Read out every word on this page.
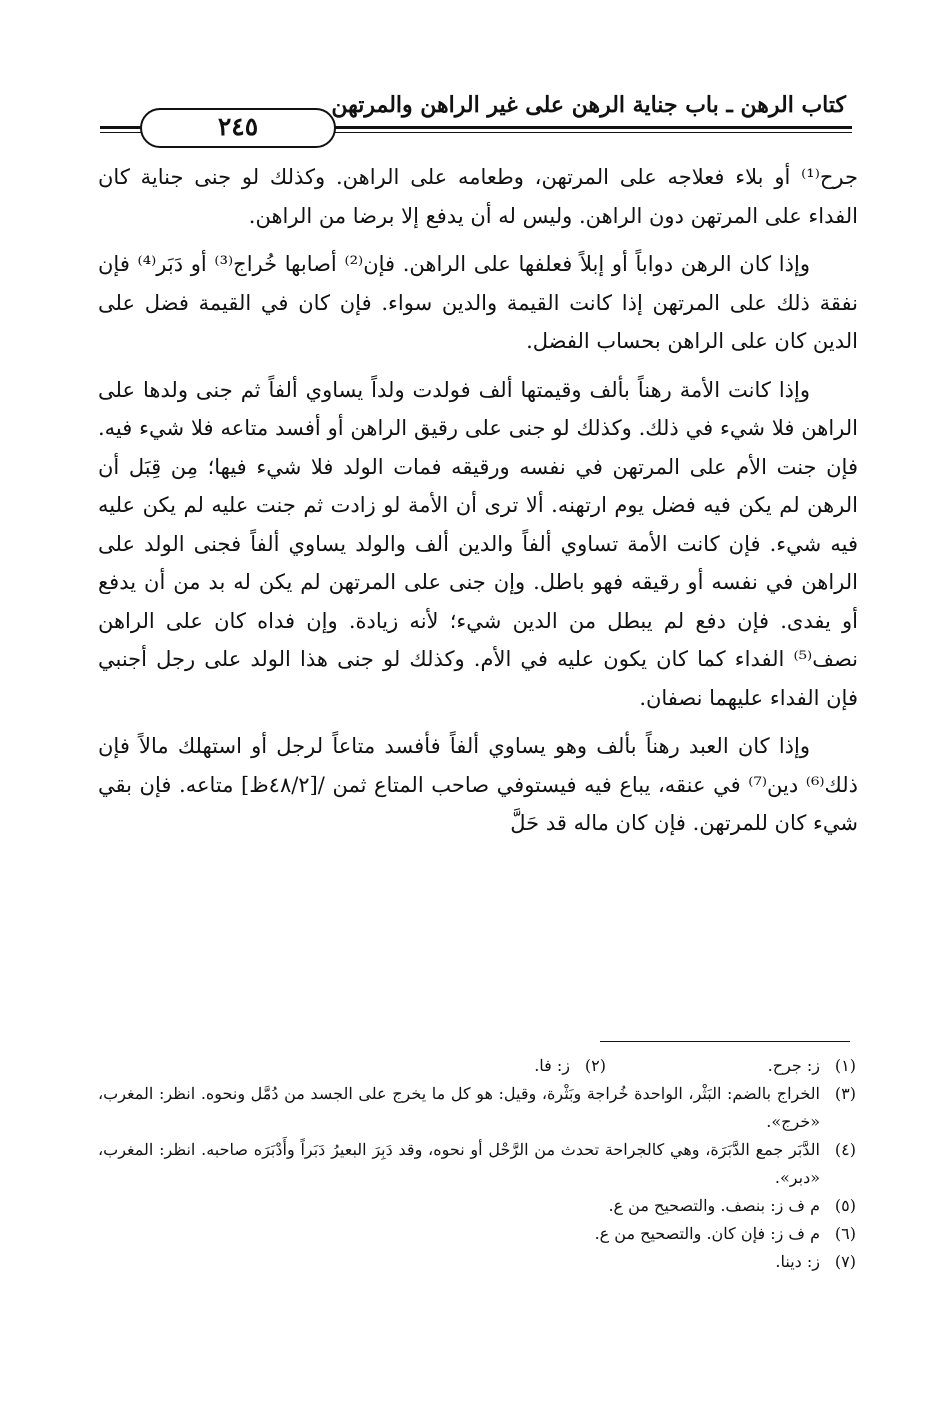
كتاب الرهن ـ باب جناية الرهن على غير الراهن والمرتهن
٢٤٥

جرح⁽¹⁾ أو بلاء فعلاجه على المرتهن، وطعامه على الراهن. وكذلك لو جنى جناية كان الفداء على المرتهن دون الراهن. وليس له أن يدفع إلا برضا من الراهن.

وإذا كان الرهن دواباً أو إبلاً فعلفها على الراهن. فإن⁽²⁾ أصابها خُراج⁽³⁾ أو دَبَر⁽⁴⁾ فإن نفقة ذلك على المرتهن إذا كانت القيمة والدين سواء. فإن كان في القيمة فضل على الدين كان على الراهن بحساب الفضل.

وإذا كانت الأمة رهناً بألف وقيمتها ألف فولدت ولداً يساوي ألفاً ثم جنى ولدها على الراهن فلا شيء في ذلك. وكذلك لو جنى على رقيق الراهن أو أفسد متاعه فلا شيء فيه. فإن جنت الأم على المرتهن في نفسه ورقيقه فمات الولد فلا شيء فيها؛ مِن قِبَل أن الرهن لم يكن فيه فضل يوم ارتهنه. ألا ترى أن الأمة لو زادت ثم جنت عليه لم يكن عليه فيه شيء. فإن كانت الأمة تساوي ألفاً والدين ألف والولد يساوي ألفاً فجنى الولد على الراهن في نفسه أو رقيقه فهو باطل. وإن جنى على المرتهن لم يكن له بد من أن يدفع أو يفدى. فإن دفع لم يبطل من الدين شيء؛ لأنه زيادة. وإن فداه كان على الراهن نصف⁽⁵⁾ الفداء كما كان يكون عليه في الأم. وكذلك لو جنى هذا الولد على رجل أجنبي فإن الفداء عليهما نصفان.

وإذا كان العبد رهناً بألف وهو يساوي ألفاً فأفسد متاعاً لرجل أو استهلك مالاً فإن ذلك⁽⁶⁾ دين⁽⁷⁾ في عنقه، يباع فيه فيستوفي صاحب المتاع ثمن /[٤٨/٢ظ] متاعه. فإن بقي شيء كان للمرتهن. فإن كان ماله قد حَلَّ

(١)
ز: جرح.
(٢)
ز: فا.
(٣)
الخراج بالضم: البَثْر، الواحدة خُراجة وبَثْرة، وقيل: هو كل ما يخرج على الجسد من دُمَّل ونحوه. انظر: المغرب، «خرج».
(٤)
الدَّبَر جمع الدَّبَرَة، وهي كالجراحة تحدث من الرَّحْل أو نحوه، وقد دَبِرَ البعيرُ دَبَراً وأَدْبَرَه صاحبه. انظر: المغرب، «دبر».
(٥)
م ف ز: بنصف. والتصحيح من ع.
(٦)
م ف ز: فإن كان. والتصحيح من ع.
(٧)
ز: دينا.
